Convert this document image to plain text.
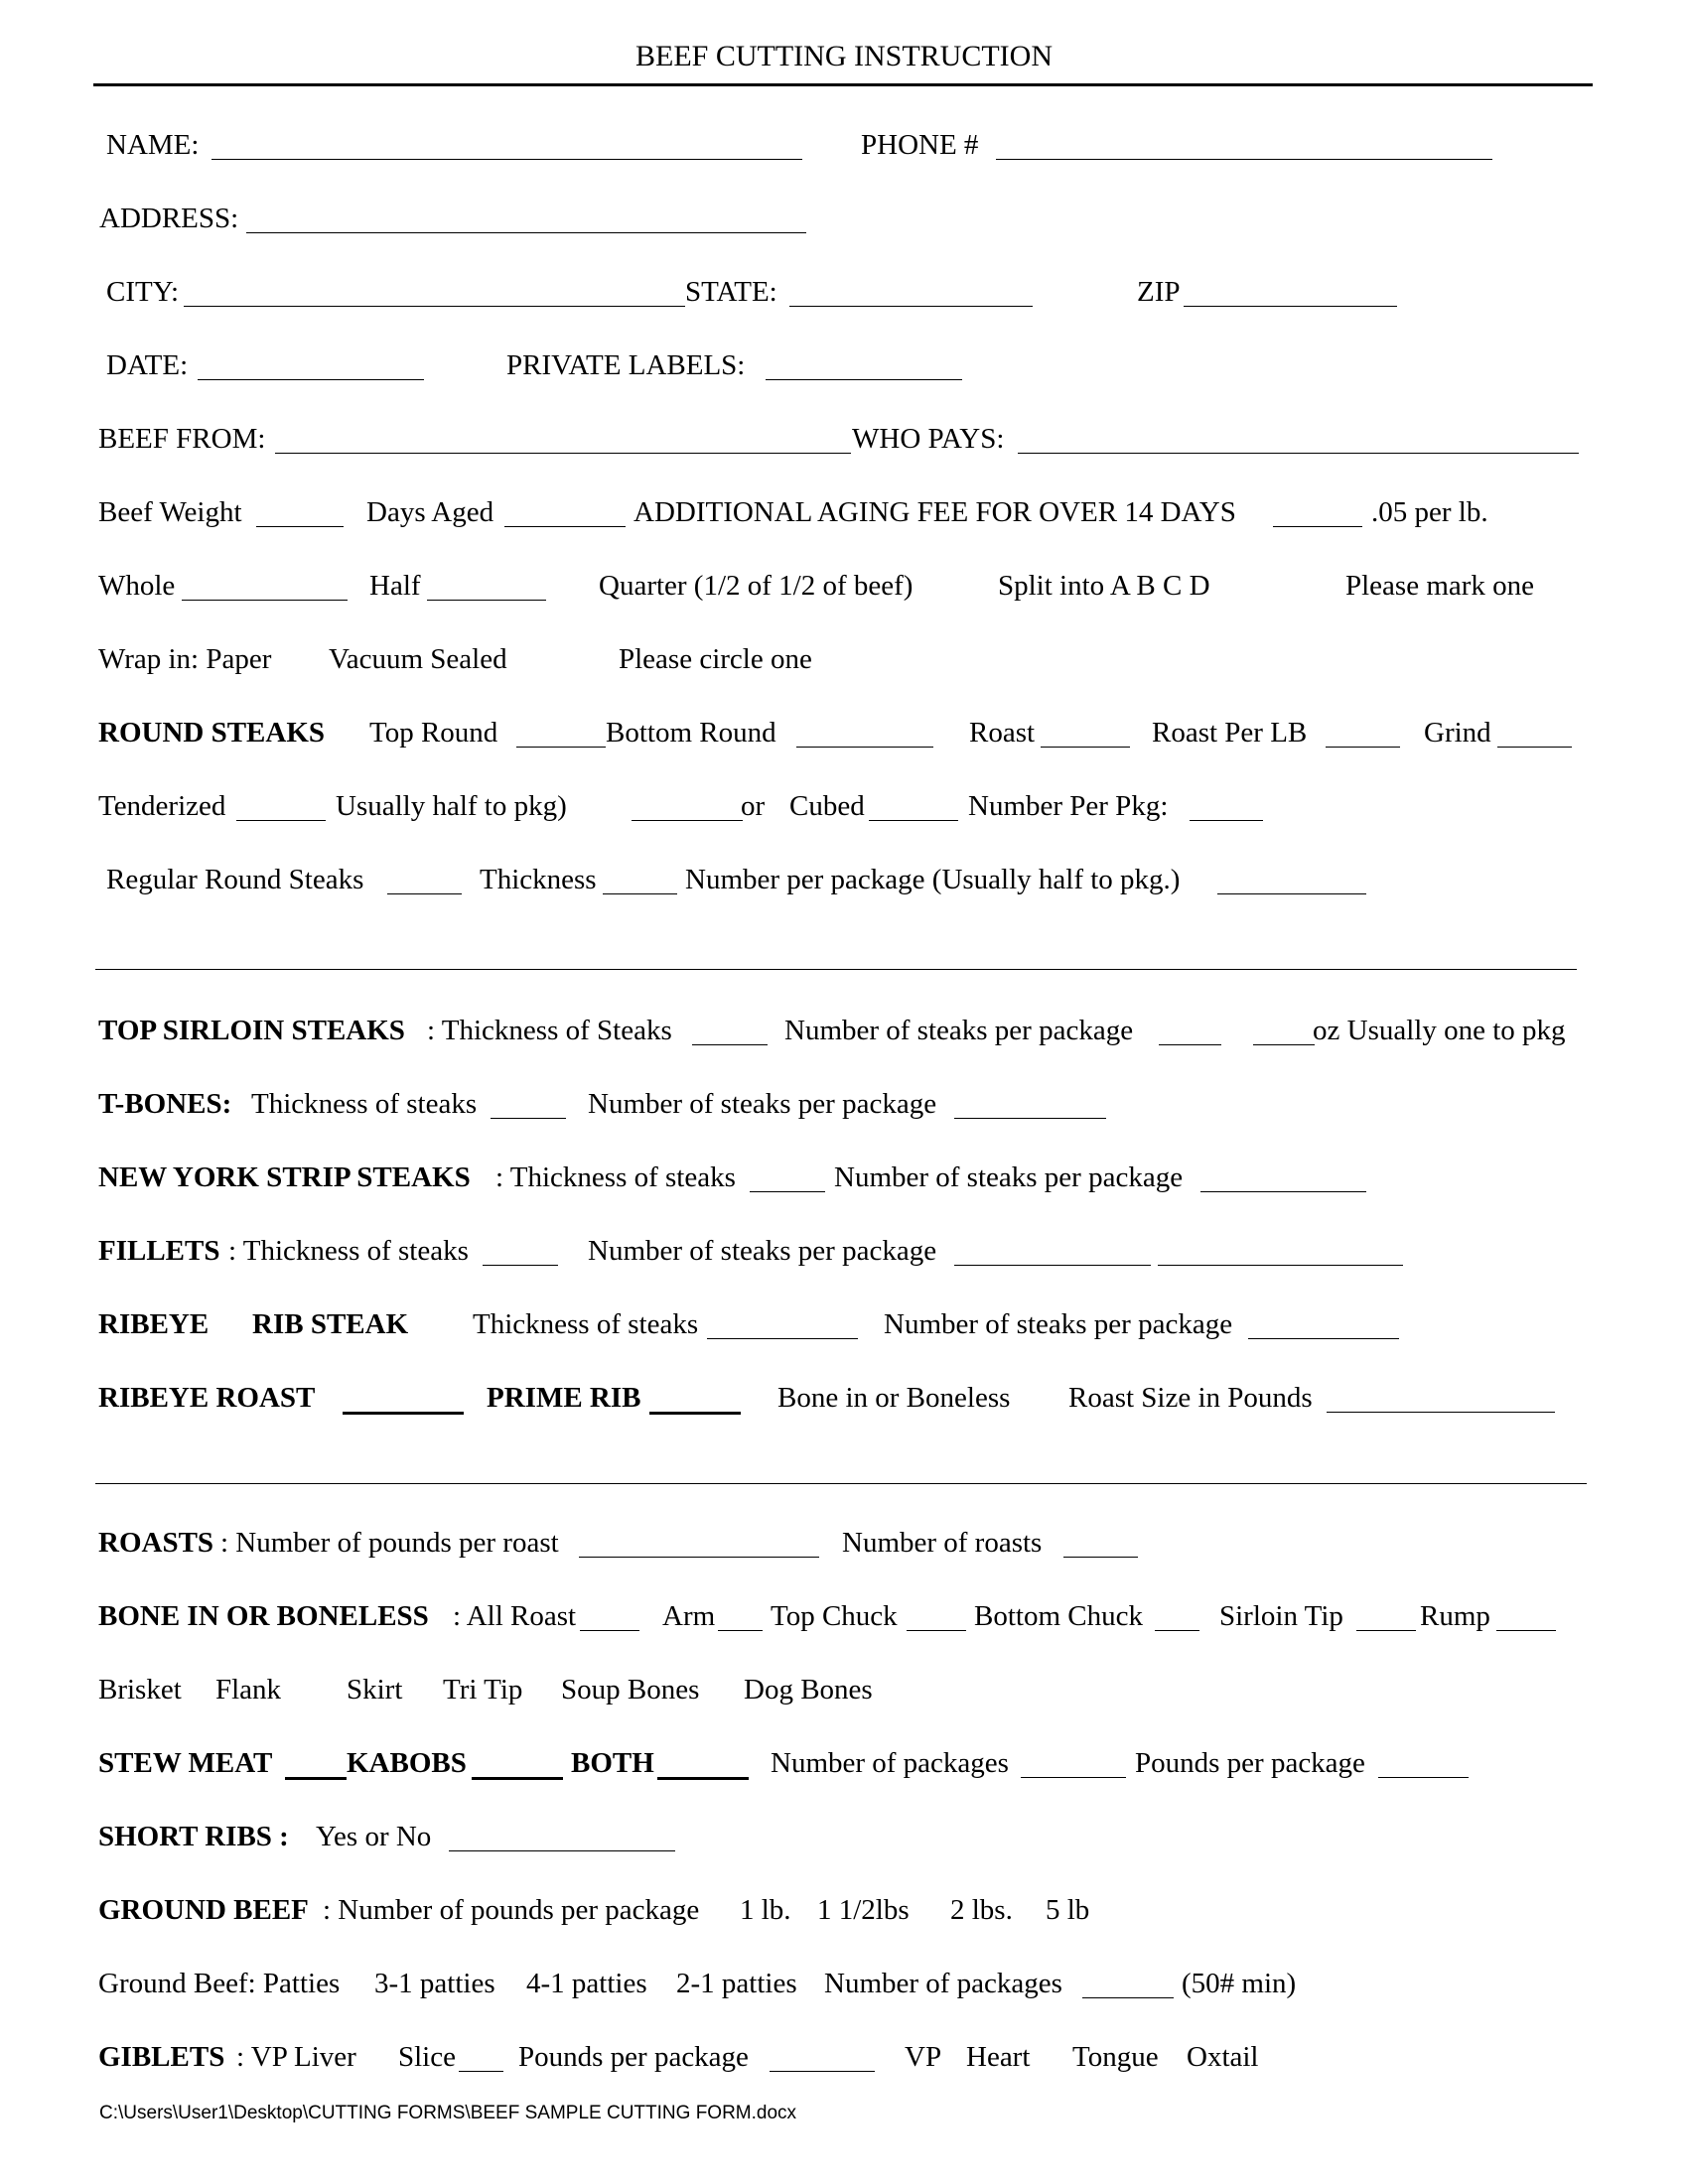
BEEF CUTTING INSTRUCTION
NAME:	PHONE #
ADDRESS:
CITY:	STATE:	ZIP
DATE:	PRIVATE LABELS:
BEEF FROM:	WHO PAYS:
Beef Weight	Days Aged	ADDITIONAL AGING FEE FOR OVER 14 DAYS	.05 per lb.
Whole	Half	Quarter (1/2 of 1/2 of beef)	Split into A B C D	Please mark one
Wrap in: Paper Vacuum Sealed	Please circle one
ROUND STEAKS Top Round	Bottom Round	Roast	Roast Per LB	Grind
Tenderized	Usually half to pkg)	or Cubed	Number Per Pkg:
Regular Round Steaks	Thickness	Number per package (Usually half to pkg.)
TOP SIRLOIN STEAKS : Thickness of Steaks	Number of steaks per package	oz Usually one to pkg
T-BONES: Thickness of steaks	Number of steaks per package
NEW YORK STRIP STEAKS : Thickness of steaks	Number of steaks per package
FILLETS : Thickness of steaks	Number of steaks per package
RIBEYE RIB STEAK Thickness of steaks	Number of steaks per package
RIBEYE ROAST	PRIME RIB	Bone in or Boneless Roast Size in Pounds
ROASTS : Number of pounds per roast	Number of roasts
BONE IN OR BONELESS : All Roast	Arm Top Chuck	Bottom Chuck	Sirloin Tip	Rump
Brisket Flank Skirt Tri Tip Soup Bones Dog Bones
STEW MEAT	KABOBS	BOTH	Number of packages	Pounds per package
SHORT RIBS : Yes or No
GROUND BEEF : Number of pounds per package 1 lb. 1 1/2lbs 2 lbs. 5 lb
Ground Beef: Patties 3-1 patties 4-1 patties 2-1 patties Number of packages	(50# min)
GIBLETS : VP Liver Slice Pounds per package	VP Heart Tongue Oxtail
C:\Users\User1\Desktop\CUTTING FORMS\BEEF SAMPLE CUTTING FORM.docx
